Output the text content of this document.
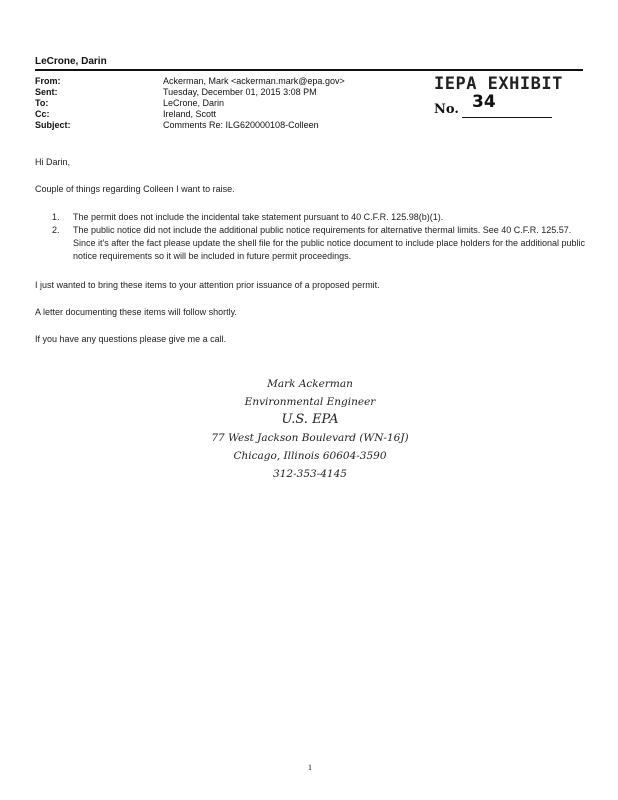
LeCrone, Darin
From:	Ackerman, Mark <ackerman.mark@epa.gov>
Sent:	Tuesday, December 01, 2015 3:08 PM
To:	LeCrone, Darin
Cc:	Ireland, Scott
Subject:	Comments Re: ILG620000108-Colleen
IEPA EXHIBIT
No. 34
Hi Darin,
Couple of things regarding Colleen I want to raise.
1. The permit does not include the incidental take statement pursuant to 40 C.F.R. 125.98(b)(1).
2. The public notice did not include the additional public notice requirements for alternative thermal limits. See 40 C.F.R. 125.57. Since it's after the fact please update the shell file for the public notice document to include place holders for the additional public notice requirements so it will be included in future permit proceedings.
I just wanted to bring these items to your attention prior issuance of a proposed permit.
A letter documenting these items will follow shortly.
If you have any questions please give me a call.
Mark Ackerman
Environmental Engineer
U.S. EPA
77 West Jackson Boulevard (WN-16J)
Chicago, Illinois 60604-3590
312-353-4145
1
